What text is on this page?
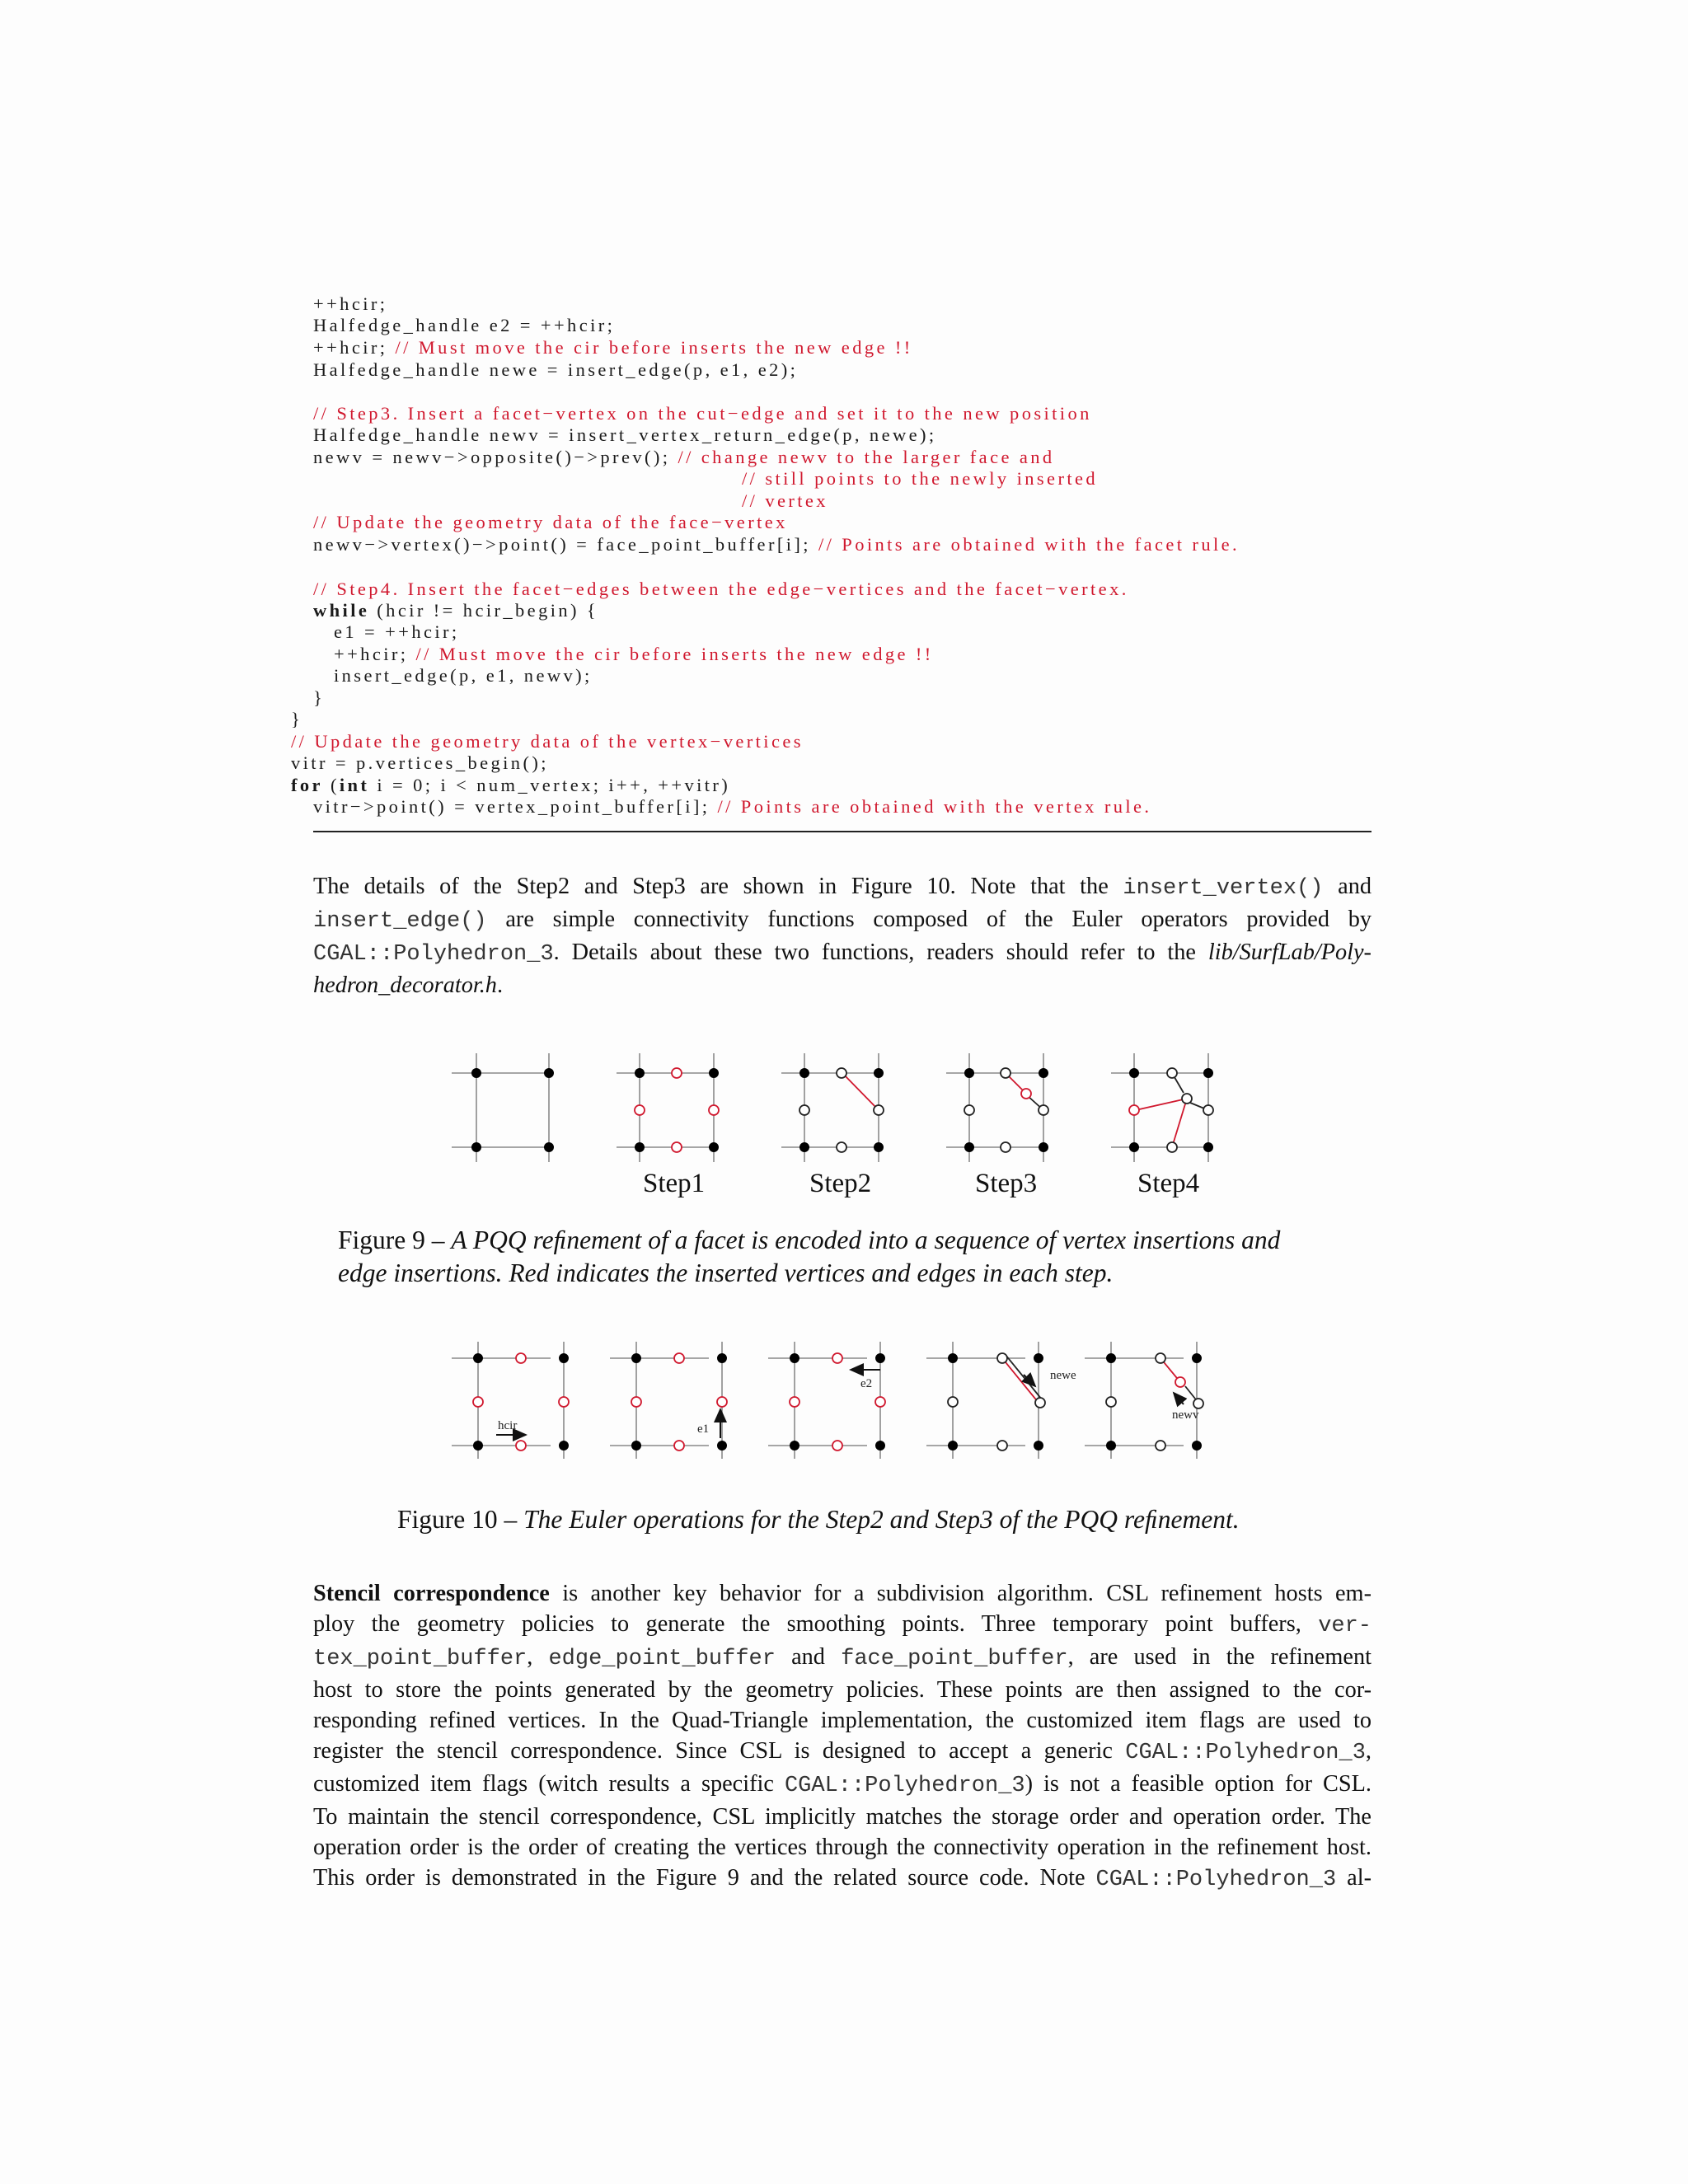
++hcir;
Halfedge_handle e2 = ++hcir;
++hcir; // Must move the cir before inserts the new edge !!
Halfedge_handle newe = insert_edge(p, e1, e2);
// Step3. Insert a facet−vertex on the cut−edge and set it to the new position
Halfedge_handle newv = insert_vertex_return_edge(p, newe);
newv = newv−>opposite()−>prev(); // change newv to the larger face and
// still points to the newly inserted
// vertex
// Update the geometry data of the face−vertex
newv−>vertex()−>point() = face_point_buffer[i]; // Points are obtained with the facet rule.
// Step4. Insert the facet−edges between the edge−vertices and the facet−vertex.
while (hcir != hcir_begin) {
e1 = ++hcir;
++hcir; // Must move the cir before inserts the new edge !!
insert_edge(p, e1, newv);
}
}
// Update the geometry data of the vertex−vertices
vitr = p.vertices_begin();
for (int i = 0; i < num_vertex; i++, ++vitr)
vitr−>point() = vertex_point_buffer[i]; // Points are obtained with the vertex rule.
The details of the Step2 and Step3 are shown in Figure 10. Note that the insert_vertex() and
insert_edge() are simple connectivity functions composed of the Euler operators provided by
CGAL::Polyhedron_3. Details about these two functions, readers should refer to the lib/SurfLab/Poly-
hedron_decorator.h.
Step1	Step2	Step3	Step4
Figure 9 – A PQQ reﬁnement of a facet is encoded into a sequence of vertex insertions and
edge insertions. Red indicates the inserted vertices and edges in each step.
hcir	e1
e2
newe
newv
Figure 10 – The Euler operations for the Step2 and Step3 of the PQQ reﬁnement.
Stencil correspondence is another key behavior for a subdivision algorithm. CSL refinement hosts em-
ploy the geometry policies to generate the smoothing points. Three temporary point buffers, ver-
tex_point_buffer, edge_point_buffer and face_point_buffer, are used in the refinement
host to store the points generated by the geometry policies. These points are then assigned to the cor-
responding refined vertices. In the Quad-Triangle implementation, the customized item flags are used to
register the stencil correspondence. Since CSL is designed to accept a generic CGAL::Polyhedron_3,
customized item flags (witch results a specific CGAL::Polyhedron_3) is not a feasible option for CSL.
To maintain the stencil correspondence, CSL implicitly matches the storage order and operation order. The
operation order is the order of creating the vertices through the connectivity operation in the refinement host.
This order is demonstrated in the Figure 9 and the related source code. Note CGAL::Polyhedron_3 al-
